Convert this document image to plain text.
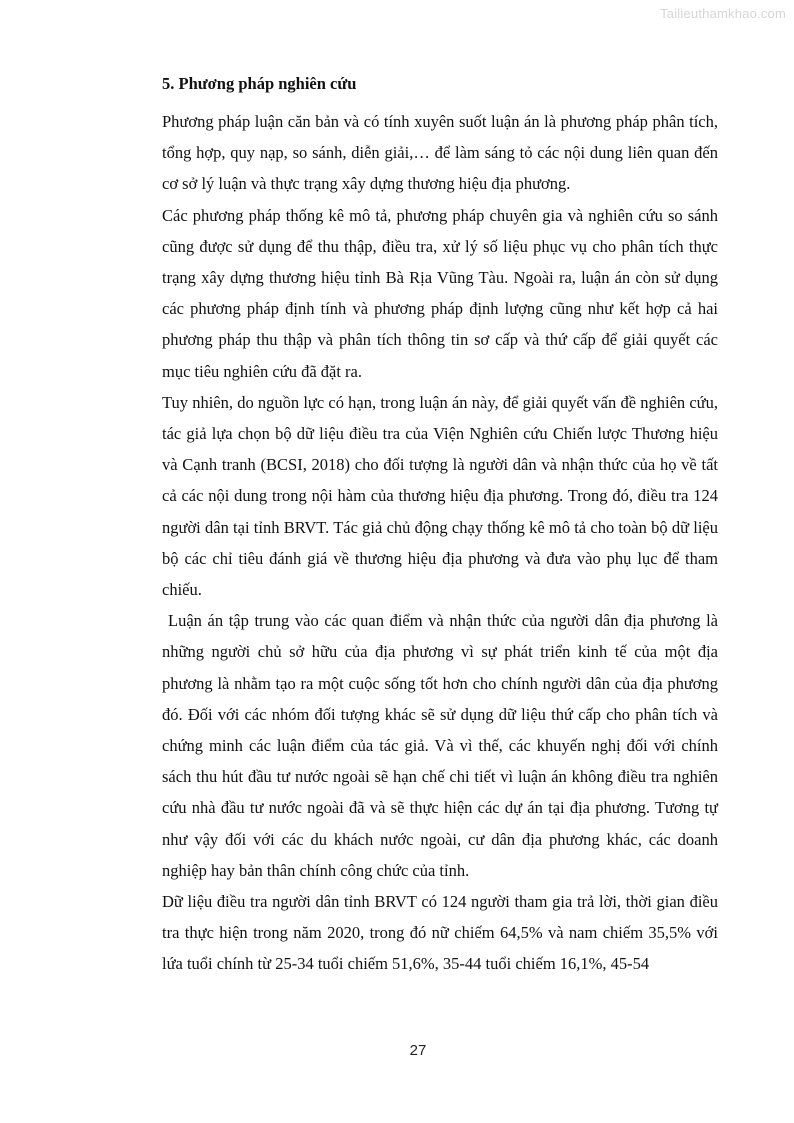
Tailieuthamkhao.com
5. Phương pháp nghiên cứu

Phương pháp luận căn bản và có tính xuyên suốt luận án là phương pháp phân tích, tổng hợp, quy nạp, so sánh, diễn giải,… để làm sáng tỏ các nội dung liên quan đến cơ sở lý luận và thực trạng xây dựng thương hiệu địa phương.

Các phương pháp thống kê mô tả, phương pháp chuyên gia và nghiên cứu so sánh cũng được sử dụng để thu thập, điều tra, xử lý số liệu phục vụ cho phân tích thực trạng xây dựng thương hiệu tỉnh Bà Rịa Vũng Tàu. Ngoài ra, luận án còn sử dụng các phương pháp định tính và phương pháp định lượng cũng như kết hợp cả hai phương pháp thu thập và phân tích thông tin sơ cấp và thứ cấp để giải quyết các mục tiêu nghiên cứu đã đặt ra.

Tuy nhiên, do nguồn lực có hạn, trong luận án này, để giải quyết vấn đề nghiên cứu, tác giả lựa chọn bộ dữ liệu điều tra của Viện Nghiên cứu Chiến lược Thương hiệu và Cạnh tranh (BCSI, 2018) cho đối tượng là người dân và nhận thức của họ về tất cả các nội dung trong nội hàm của thương hiệu địa phương. Trong đó, điều tra 124 người dân tại tỉnh BRVT. Tác giả chủ động chạy thống kê mô tả cho toàn bộ dữ liệu bộ các chỉ tiêu đánh giá về thương hiệu địa phương và đưa vào phụ lục để tham chiếu.

Luận án tập trung vào các quan điểm và nhận thức của người dân địa phương là những người chủ sở hữu của địa phương vì sự phát triển kinh tế của một địa phương là nhằm tạo ra một cuộc sống tốt hơn cho chính người dân của địa phương đó. Đối với các nhóm đối tượng khác sẽ sử dụng dữ liệu thứ cấp cho phân tích và chứng minh các luận điểm của tác giả. Và vì thế, các khuyến nghị đối với chính sách thu hút đầu tư nước ngoài sẽ hạn chế chi tiết vì luận án không điều tra nghiên cứu nhà đầu tư nước ngoài đã và sẽ thực hiện các dự án tại địa phương. Tương tự như vậy đối với các du khách nước ngoài, cư dân địa phương khác, các doanh nghiệp hay bản thân chính công chức của tỉnh.

Dữ liệu điều tra người dân tỉnh BRVT có 124 người tham gia trả lời, thời gian điều tra thực hiện trong năm 2020, trong đó nữ chiếm 64,5% và nam chiếm 35,5% với lứa tuổi chính từ 25-34 tuổi chiếm 51,6%, 35-44 tuổi chiếm 16,1%, 45-54

27
